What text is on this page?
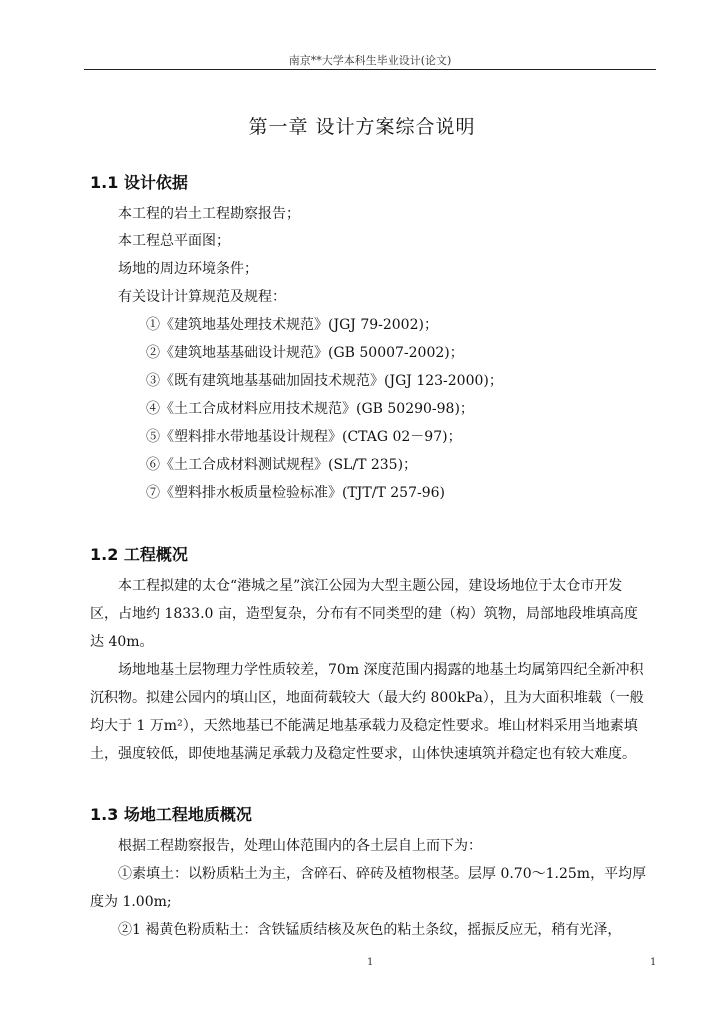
南京**大学本科生毕业设计(论文)
第一章 设计方案综合说明
1.1 设计依据
本工程的岩土工程勘察报告；
本工程总平面图；
场地的周边环境条件；
有关设计计算规范及规程：
①《建筑地基处理技术规范》(JGJ 79-2002)；
②《建筑地基基础设计规范》(GB 50007-2002)；
③《既有建筑地基基础加固技术规范》(JGJ 123-2000)；
④《土工合成材料应用技术规范》(GB 50290-98)；
⑤《塑料排水带地基设计规程》(CTAG 02－97)；
⑥《土工合成材料测试规程》(SL/T 235)；
⑦《塑料排水板质量检验标准》(TJT/T 257-96)
1.2 工程概况
本工程拟建的太仓“港城之星”滨江公园为大型主题公园，建设场地位于太仓市开发
区，占地约 1833.0 亩，造型复杂，分布有不同类型的建（构）筑物，局部地段堆填高度
达 40m。
场地地基土层物理力学性质较差，70m 深度范围内揭露的地基土均属第四纪全新冲积
沉积物。拟建公园内的填山区，地面荷载较大（最大约 800kPa），且为大面积堆载（一般
均大于 1 万m²），天然地基已不能满足地基承载力及稳定性要求。堆山材料采用当地素填
土，强度较低，即使地基满足承载力及稳定性要求，山体快速填筑并稳定也有较大难度。
1.3 场地工程地质概况
根据工程勘察报告，处理山体范围内的各土层自上而下为：
①素填土：以粉质粘土为主，含碎石、碎砖及植物根茎。层厚 0.70～1.25m，平均厚
度为 1.00m;
②1 褐黄色粉质粘土：含铁锰质结核及灰色的粘土条纹，摇振反应无，稍有光泽，
1	1
